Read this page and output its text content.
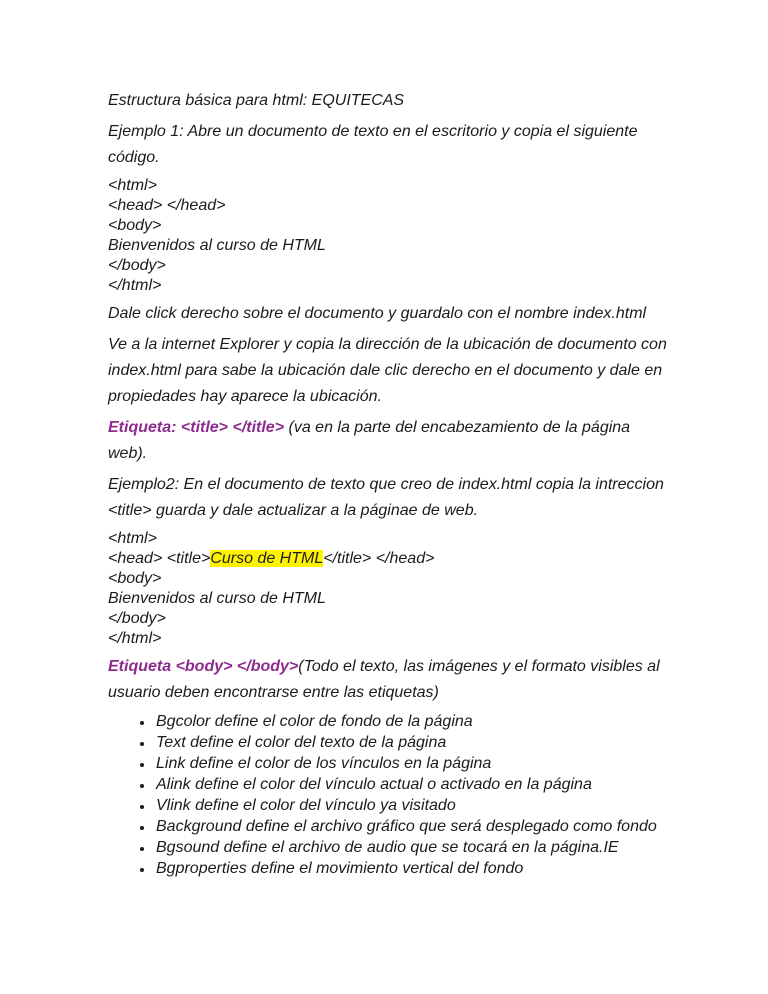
Estructura básica para html: EQUITECAS

Ejemplo 1: Abre un documento de texto en el escritorio y copia el siguiente código.

<html>
<head> </head>
<body>
Bienvenidos al curso de HTML
</body>
</html>

Dale click derecho sobre el documento y guardalo con el nombre index.html

Ve a la internet Explorer y copia la dirección de la ubicación de documento con index.html para sabe la ubicación dale clic derecho en el documento y dale en propiedades hay aparece la ubicación.

Etiqueta: <title> </title> (va en la parte del encabezamiento de la página web).

Ejemplo2: En el documento de texto que creo de index.html copia la intreccion <title> guarda y dale actualizar a la páginae de web.

<html>
<head> <title>Curso de HTML</title> </head>
<body>
Bienvenidos al curso de HTML
</body>
</html>

Etiqueta <body> </body>(Todo el texto, las imágenes y el formato visibles al usuario deben encontrarse entre las etiquetas)

• Bgcolor define el color de fondo de la página
• Text define el color del texto de la página
• Link define el color de los vínculos en la página
• Alink define el color del vínculo actual o activado en la página
• Vlink define el color del vínculo ya visitado
• Background define el archivo gráfico que será desplegado como fondo
• Bgsound define el archivo de audio que se tocará en la página.IE
• Bgproperties define el movimiento vertical del fondo
